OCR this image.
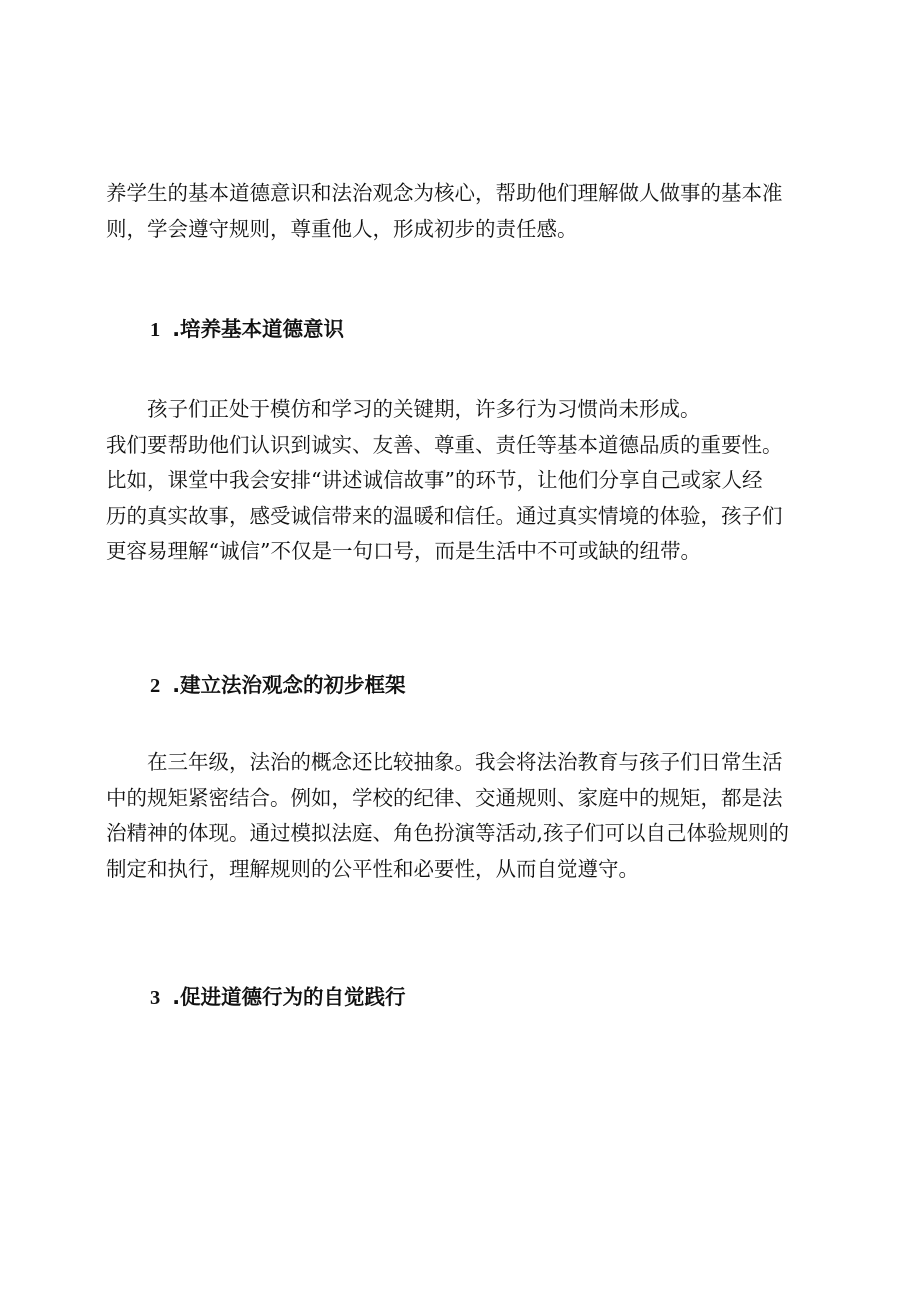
养学生的基本道德意识和法治观念为核心，帮助他们理解做人做事的基本准
则，学会遵守规则，尊重他人，形成初步的责任感。

1 .培养基本道德意识

　　孩子们正处于模仿和学习的关键期，许多行为习惯尚未形成。
我们要帮助他们认识到诚实、友善、尊重、责任等基本道德品质的重要性。
比如，课堂中我会安排“讲述诚信故事”的环节，让他们分享自己或家人经
历的真实故事，感受诚信带来的温暖和信任。通过真实情境的体验，孩子们
更容易理解“诚信”不仅是一句口号，而是生活中不可或缺的纽带。

2 .建立法治观念的初步框架

　　在三年级，法治的概念还比较抽象。我会将法治教育与孩子们日常生活
中的规矩紧密结合。例如，学校的纪律、交通规则、家庭中的规矩，都是法
治精神的体现。通过模拟法庭、角色扮演等活动,孩子们可以自己体验规则的
制定和执行，理解规则的公平性和必要性，从而自觉遵守。

3 .促进道德行为的自觉践行
